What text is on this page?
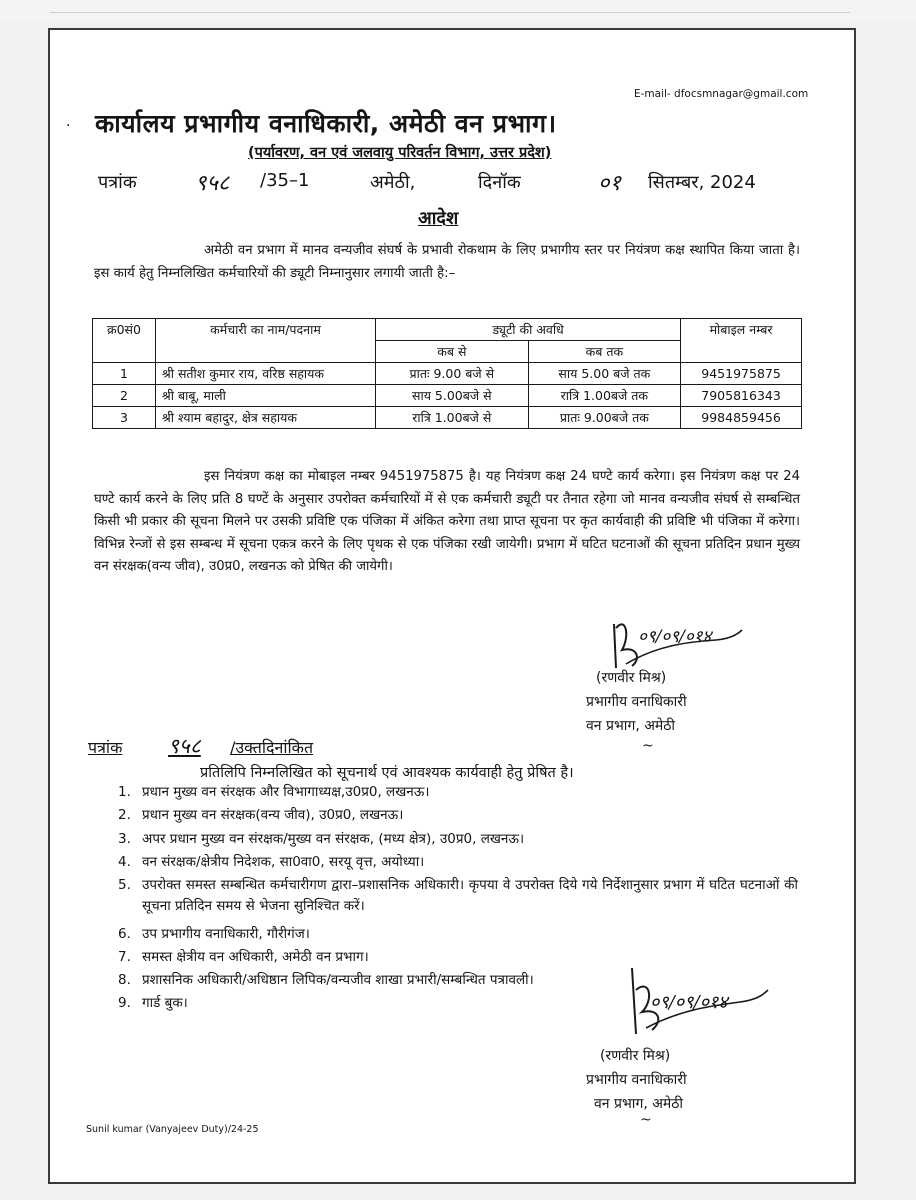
·
E-mail- dfocsmnagar@gmail.com
कार्यालय प्रभागीय वनाधिकारी, अमेठी वन प्रभाग।
(पर्यावरण, वन एवं जलवायु परिवर्तन विभाग, उत्तर प्रदेश)
पत्रांक	९५८ /35–1	अमेठी,	दिनॉक	०१ सितम्बर, 2024
आदेश
अमेठी वन प्रभाग में मानव वन्यजीव संघर्ष के प्रभावी रोकथाम के लिए प्रभागीय स्तर पर नियंत्रण कक्ष स्थापित किया जाता है। इस कार्य हेतु निम्नलिखित कर्मचारियों की ड्यूटी निम्नानुसार लगायी जाती है:–
क्र0सं0	कर्मचारी का नाम/पदनाम	ड्यूटी की अवधि		मोबाइल नम्बर
		कब से	कब तक	
1	श्री सतीश कुमार राय, वरिष्ठ सहायक	प्रातः 9.00 बजे से	साय 5.00 बजे तक	9451975875
2	श्री बाबू, माली	साय 5.00बजे से	रात्रि 1.00बजे तक	7905816343
3	श्री श्याम बहादुर, क्षेत्र सहायक	रात्रि 1.00बजे से	प्रातः 9.00बजे तक	9984859456
इस नियंत्रण कक्ष का मोबाइल नम्बर 9451975875 है। यह नियंत्रण कक्ष 24 घण्टे कार्य करेगा। इस नियंत्रण कक्ष पर 24 घण्टे कार्य करने के लिए प्रति 8 घण्टें के अनुसार उपरोक्त कर्मचारियों में से एक कर्मचारी ड्यूटी पर तैनात रहेगा जो मानव वन्यजीव संघर्ष से सम्बन्धित किसी भी प्रकार की सूचना मिलने पर उसकी प्रविष्टि एक पंजिका में अंकित करेगा तथा प्राप्त सूचना पर कृत कार्यवाही की प्रविष्टि भी पंजिका में करेगा। विभिन्न रेन्जों से इस सम्बन्ध में सूचना एकत्र करने के लिए पृथक से एक पंजिका रखी जायेगी। प्रभाग में घटित घटनाओं की सूचना प्रतिदिन प्रधान मुख्य वन संरक्षक(वन्य जीव), उ0प्र0, लखनऊ को प्रेषित की जायेगी।
०९/०९/०१४
(रणवीर मिश्र)
प्रभागीय वनाधिकारी
वन प्रभाग, अमेठी
~
पत्रांक ९५८ /उक्तदिनांकित
प्रतिलिपि निम्नलिखित को सूचनार्थ एवं आवश्यक कार्यवाही हेतु प्रेषित है।
1. प्रधान मुख्य वन संरक्षक और विभागाध्यक्ष,उ0प्र0, लखनऊ।
2. प्रधान मुख्य वन संरक्षक(वन्य जीव), उ0प्र0, लखनऊ।
3. अपर प्रधान मुख्य वन संरक्षक/मुख्य वन संरक्षक, (मध्य क्षेत्र), उ0प्र0, लखनऊ।
4. वन संरक्षक/क्षेत्रीय निदेशक, सा0वा0, सरयू वृत्त, अयोध्या।
5. उपरोक्त समस्त सम्बन्धित कर्मचारीगण द्वारा–प्रशासनिक अधिकारी। कृपया वे उपरोक्त दिये गये निर्देशानुसार प्रभाग में घटित घटनाओं की सूचना प्रतिदिन समय से भेजना सुनिश्चित करें।
6. उप प्रभागीय वनाधिकारी, गौरीगंज।
7. समस्त क्षेत्रीय वन अधिकारी, अमेठी वन प्रभाग।
8. प्रशासनिक अधिकारी/अधिष्ठान लिपिक/वन्यजीव शाखा प्रभारी/सम्बन्धित पत्रावली।
9. गार्ड बुक।	०९/०९/०१४
(रणवीर मिश्र)
प्रभागीय वनाधिकारी
वन प्रभाग, अमेठी
~
Sunil kumar (Vanyajeev Duty)/24-25
